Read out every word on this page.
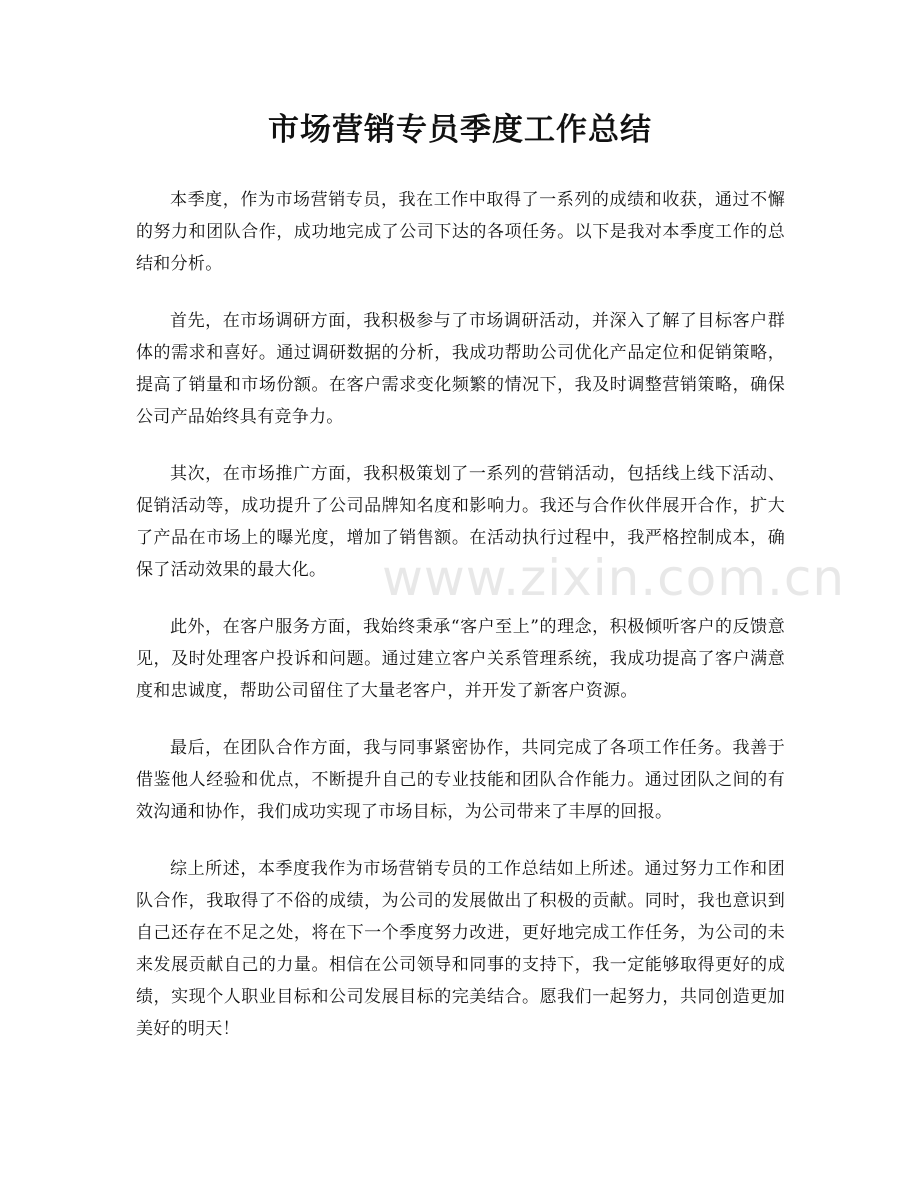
市场营销专员季度工作总结

本季度，作为市场营销专员，我在工作中取得了一系列的成绩和收获，通过不懈的努力和团队合作，成功地完成了公司下达的各项任务。以下是我对本季度工作的总结和分析。

首先，在市场调研方面，我积极参与了市场调研活动，并深入了解了目标客户群体的需求和喜好。通过调研数据的分析，我成功帮助公司优化产品定位和促销策略，提高了销量和市场份额。在客户需求变化频繁的情况下，我及时调整营销策略，确保公司产品始终具有竞争力。

其次，在市场推广方面，我积极策划了一系列的营销活动，包括线上线下活动、促销活动等，成功提升了公司品牌知名度和影响力。我还与合作伙伴展开合作，扩大了产品在市场上的曝光度，增加了销售额。在活动执行过程中，我严格控制成本，确保了活动效果的最大化。

此外，在客户服务方面，我始终秉承“客户至上”的理念，积极倾听客户的反馈意见，及时处理客户投诉和问题。通过建立客户关系管理系统，我成功提高了客户满意度和忠诚度，帮助公司留住了大量老客户，并开发了新客户资源。

最后，在团队合作方面，我与同事紧密协作，共同完成了各项工作任务。我善于借鉴他人经验和优点，不断提升自己的专业技能和团队合作能力。通过团队之间的有效沟通和协作，我们成功实现了市场目标，为公司带来了丰厚的回报。

综上所述，本季度我作为市场营销专员的工作总结如上所述。通过努力工作和团队合作，我取得了不俗的成绩，为公司的发展做出了积极的贡献。同时，我也意识到自己还存在不足之处，将在下一个季度努力改进，更好地完成工作任务，为公司的未来发展贡献自己的力量。相信在公司领导和同事的支持下，我一定能够取得更好的成绩，实现个人职业目标和公司发展目标的完美结合。愿我们一起努力，共同创造更加美好的明天！

www.zixin.com.cn
